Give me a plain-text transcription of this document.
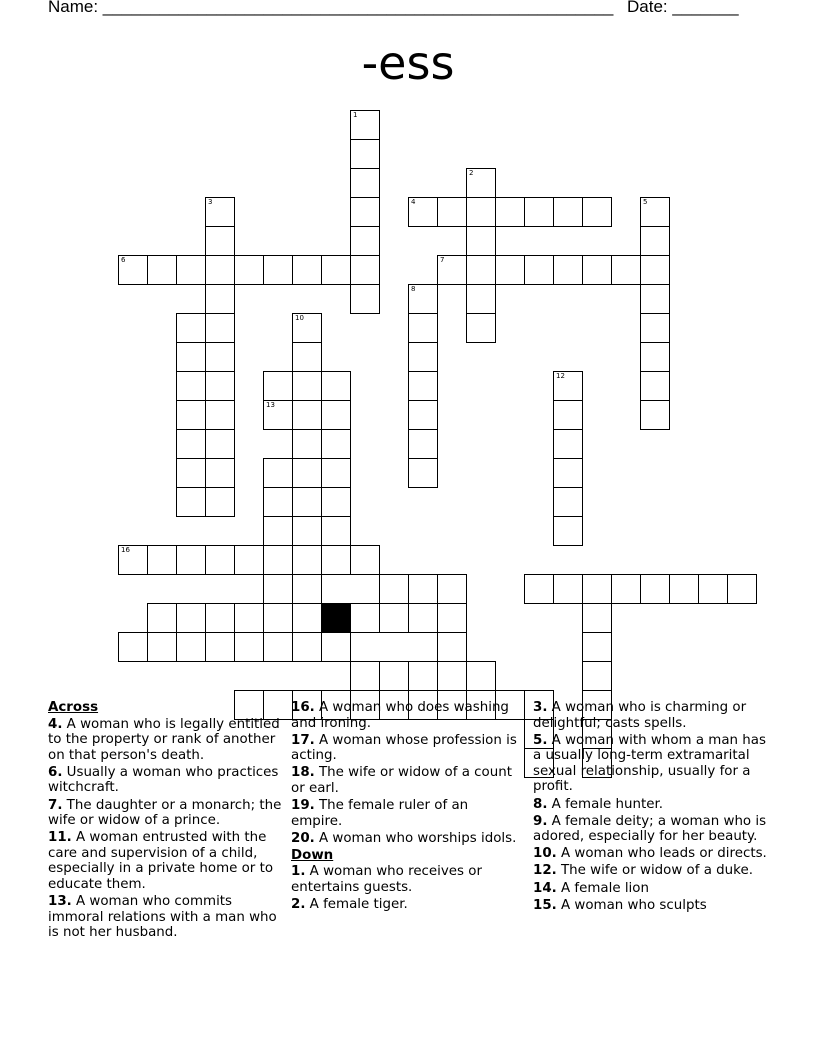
Name: ______________________________________________________ Date: _______
-ess
1
2
3	4	5
6	7
8
10
12
13
16
Across
4. A woman who is legally entitled to the property or rank of another on that person's death.
6. Usually a woman who practices witchcraft.
7. The daughter or a monarch; the wife or widow of a prince.
11. A woman entrusted with the care and supervision of a child, especially in a private home or to educate them.
13. A woman who commits immoral relations with a man who is not her husband.
16. A woman who does washing and ironing.
17. A woman whose profession is acting.
18. The wife or widow of a count or earl.
19. The female ruler of an empire.
20. A woman who worships idols.
Down
1. A woman who receives or entertains guests.
2. A female tiger.
3. A woman who is charming or delightful; casts spells.
5. A woman with whom a man has a usually long-term extramarital sexual relationship, usually for a profit.
8. A female hunter.
9. A female deity; a woman who is adored, especially for her beauty.
10. A woman who leads or directs.
12. The wife or widow of a duke.
14. A female lion
15. A woman who sculpts
